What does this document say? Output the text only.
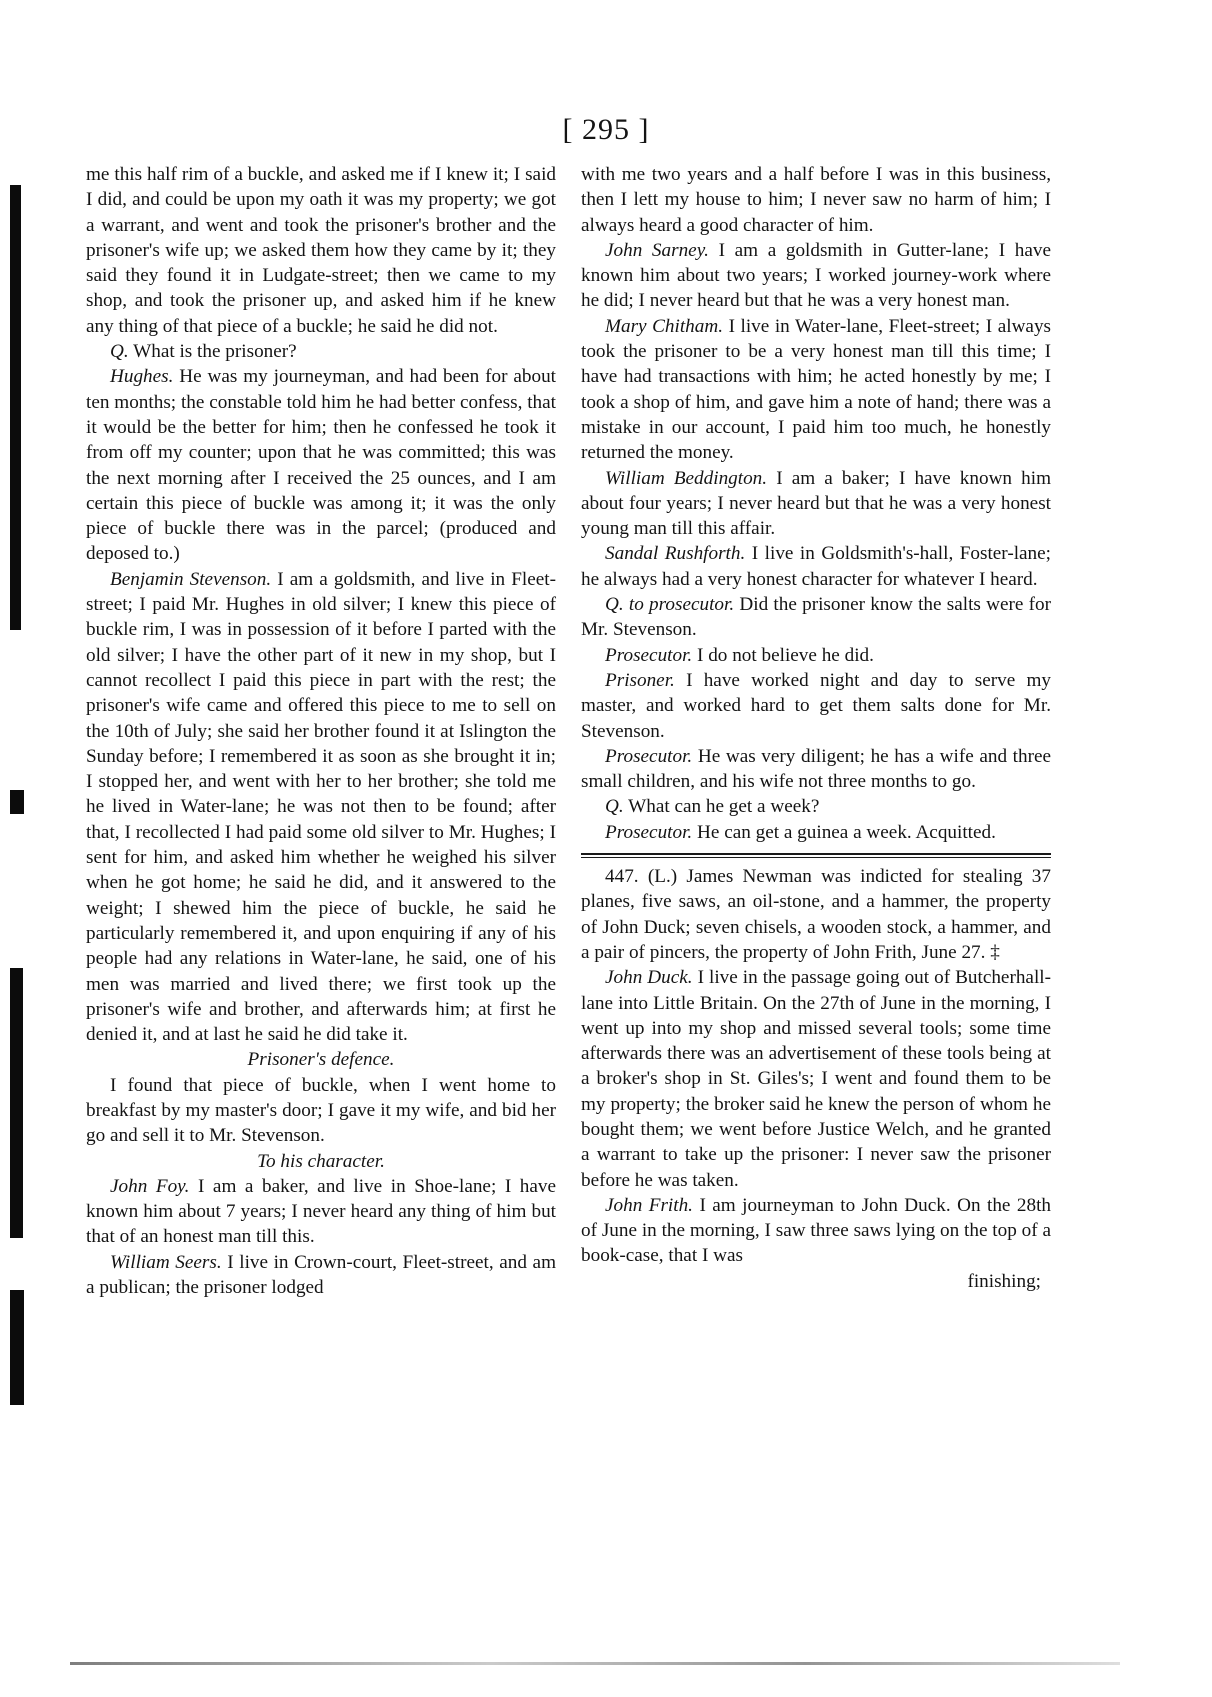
[ 295 ]

me this half rim of a buckle, and asked me if I knew it; I said I did, and could be upon my oath it was my property; we got a warrant, and went and took the prisoner's brother and the prisoner's wife up; we asked them how they came by it; they said they found it in Ludgate-street; then we came to my shop, and took the prisoner up, and asked him if he knew any thing of that piece of a buckle; he said he did not.

Q. What is the prisoner?

Hughes. He was my journeyman, and had been for about ten months; the constable told him he had better confess, that it would be the better for him; then he confessed he took it from off my counter; upon that he was committed; this was the next morning after I received the 25 ounces, and I am certain this piece of buckle was among it; it was the only piece of buckle there was in the parcel; (produced and deposed to.)

Benjamin Stevenson. I am a goldsmith, and live in Fleet-street; I paid Mr. Hughes in old silver; I knew this piece of buckle rim, I was in possession of it before I parted with the old silver; I have the other part of it new in my shop, but I cannot recollect I paid this piece in part with the rest; the prisoner's wife came and offered this piece to me to sell on the 10th of July; she said her brother found it at Islington the Sunday before; I remembered it as soon as she brought it in; I stopped her, and went with her to her brother; she told me he lived in Water-lane; he was not then to be found; after that, I recollected I had paid some old silver to Mr. Hughes; I sent for him, and asked him whether he weighed his silver when he got home; he said he did, and it answered to the weight; I shewed him the piece of buckle, he said he particularly remembered it, and upon enquiring if any of his people had any relations in Water-lane, he said, one of his men was married and lived there; we first took up the prisoner's wife and brother, and afterwards him; at first he denied it, and at last he said he did take it.

Prisoner's defence.

I found that piece of buckle, when I went home to breakfast by my master's door; I gave it my wife, and bid her go and sell it to Mr. Stevenson.

To his character.

John Foy. I am a baker, and live in Shoe-lane; I have known him about 7 years; I never heard any thing of him but that of an honest man till this.

William Seers. I live in Crown-court, Fleet-street, and am a publican; the prisoner lodged

with me two years and a half before I was in this business, then I lett my house to him; I never saw no harm of him; I always heard a good character of him.

John Sarney. I am a goldsmith in Gutter-lane; I have known him about two years; I worked journey-work where he did; I never heard but that he was a very honest man.

Mary Chitham. I live in Water-lane, Fleet-street; I always took the prisoner to be a very honest man till this time; I have had transactions with him; he acted honestly by me; I took a shop of him, and gave him a note of hand; there was a mistake in our account, I paid him too much, he honestly returned the money.

William Beddington. I am a baker; I have known him about four years; I never heard but that he was a very honest young man till this affair.

Sandal Rushforth. I live in Goldsmith's-hall, Foster-lane; he always had a very honest character for whatever I heard.

Q. to prosecutor. Did the prisoner know the salts were for Mr. Stevenson.

Prosecutor. I do not believe he did.

Prisoner. I have worked night and day to serve my master, and worked hard to get them salts done for Mr. Stevenson.

Prosecutor. He was very diligent; he has a wife and three small children, and his wife not three months to go.

Q. What can he get a week?

Prosecutor. He can get a guinea a week. Acquitted.

447. (L.) James Newman was indicted for stealing 37 planes, five saws, an oil-stone, and a hammer, the property of John Duck; seven chisels, a wooden stock, a hammer, and a pair of pincers, the property of John Frith, June 27. ‡

John Duck. I live in the passage going out of Butcherhall-lane into Little Britain. On the 27th of June in the morning, I went up into my shop and missed several tools; some time afterwards there was an advertisement of these tools being at a broker's shop in St. Giles's; I went and found them to be my property; the broker said he knew the person of whom he bought them; we went before Justice Welch, and he granted a warrant to take up the prisoner: I never saw the prisoner before he was taken.

John Frith. I am journeyman to John Duck. On the 28th of June in the morning, I saw three saws lying on the top of a book-case, that I was

finishing;
